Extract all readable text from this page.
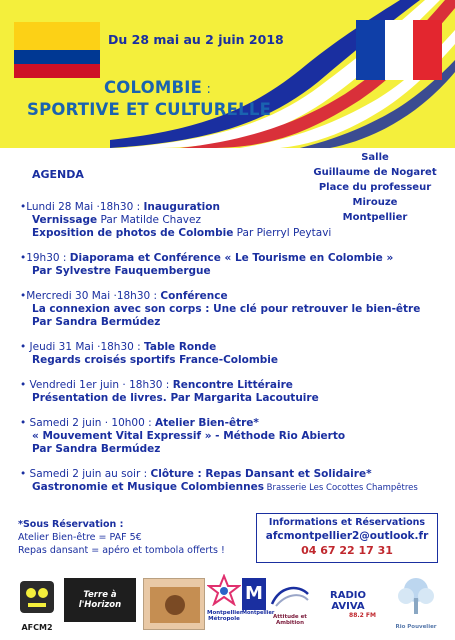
Du 28 mai au 2 juin 2018
COLOMBIE :
SPORTIVE ET CULTURELLE
Salle
Guillaume de Nogaret
Place du professeur
Mirouze
Montpellier
AGENDA
•Lundi 28 Mai ·18h30 : Inauguration
Vernissage Par Matilde Chavez
Exposition de photos de Colombie Par Pierryl Peytavi
•19h30 : Diaporama et Conférence « Le Tourisme en Colombie »
Par Sylvestre Fauquembergue
•Mercredi 30 Mai ·18h30 : Conférence
La connexion avec son corps : Une clé pour retrouver le bien-être
Par Sandra Bermúdez
• Jeudi 31 Mai ·18h30 : Table Ronde
Regards croisés sportifs France-Colombie
• Vendredi 1er juin · 18h30 : Rencontre Littéraire
Présentation de livres. Par Margarita Lacoutuire
• Samedi 2 juin · 10h00 : Atelier Bien-être*
« Mouvement Vital Expressif » - Méthode Rio Abierto
Par Sandra Bermúdez
• Samedi 2 juin au soir : Clôture : Repas Dansant et Solidaire*
Gastronomie et Musique Colombiennes Brasserie Les Cocottes Champêtres
*Sous Réservation :
Atelier Bien-être = PAF 5€
Repas dansant = apéro et tombola offerts !
Informations et Réservations
afcmontpellier2@outlook.fr
04 67 22 17 31
AFCM2
Terre à l'Horizon
Montpellier
Métropole
M
Montpellier
Attitude et Ambition
RADIO AVIVA
88.2 FM
Rio Pouvelier
